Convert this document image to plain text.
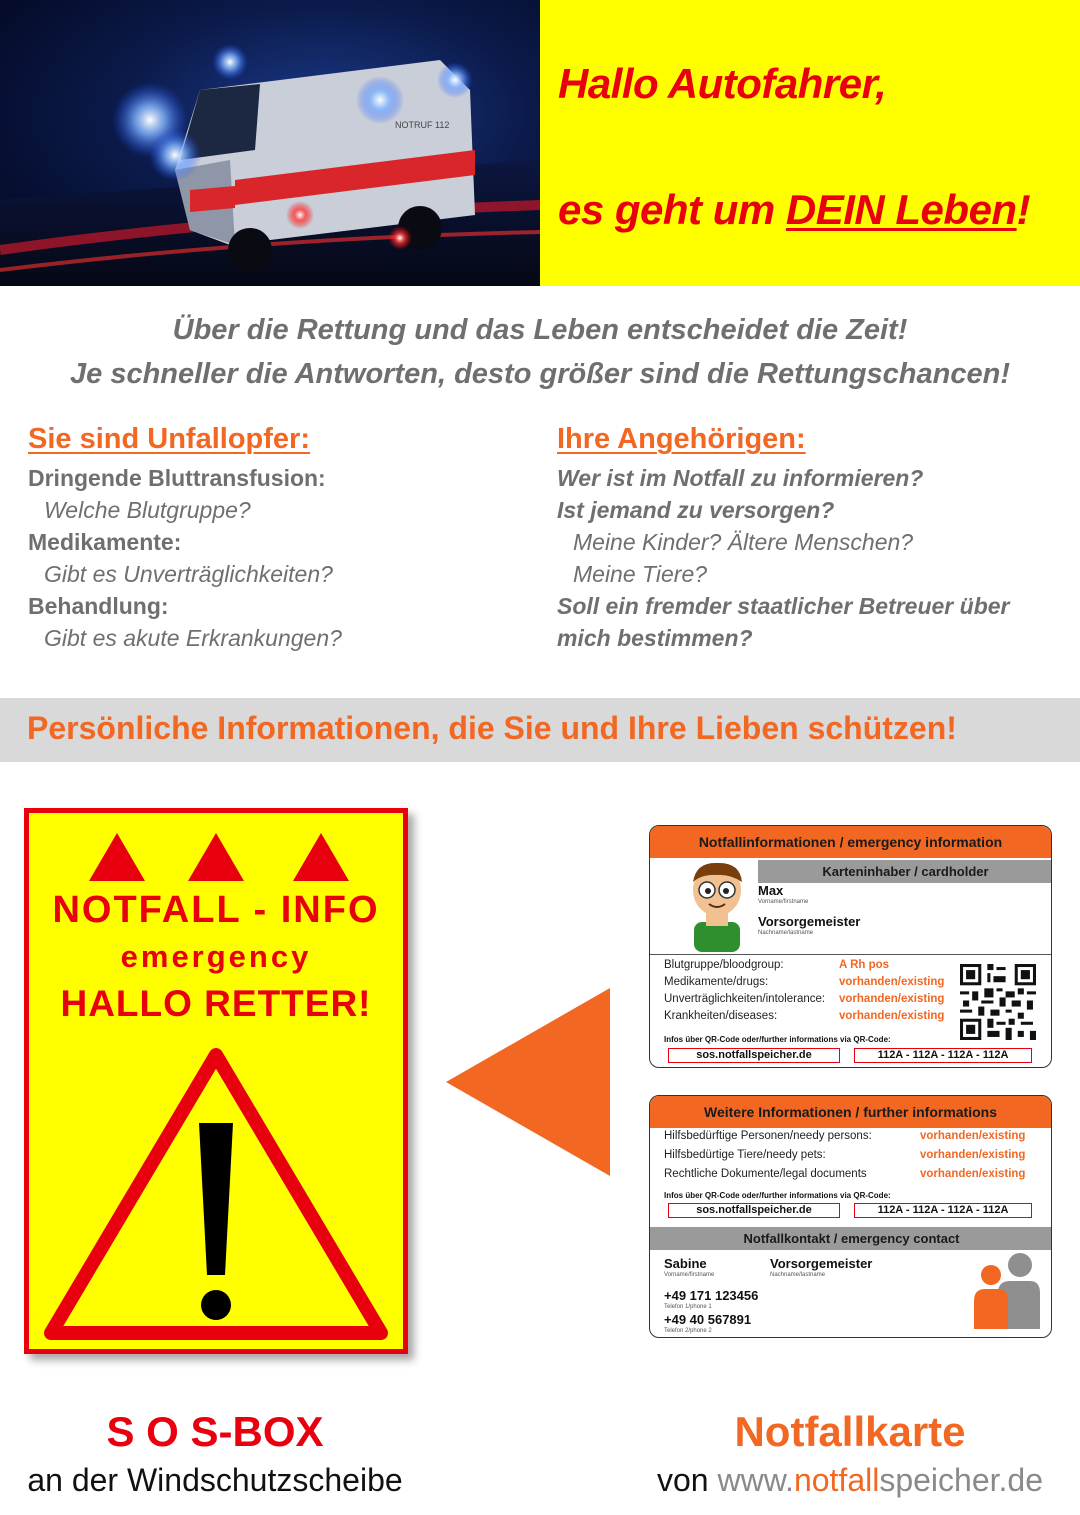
NOTRUF 112
Hallo Autofahrer,
es geht um DEIN Leben!
Über die Rettung und das Leben entscheidet die Zeit!
Je schneller die Antworten, desto größer sind die Rettungschancen!
Sie sind Unfallopfer:
Dringende Bluttransfusion:
Welche Blutgruppe?
Medikamente:
Gibt es Unverträglichkeiten?
Behandlung:
Gibt es akute Erkrankungen?
Ihre Angehörigen:
Wer ist im Notfall zu informieren?
Ist jemand zu versorgen?
Meine Kinder? Ältere Menschen?
Meine Tiere?
Soll ein fremder staatlicher Betreuer über
mich bestimmen?
Persönliche Informationen, die Sie und Ihre Lieben schützen!
NOTFALL - INFO
emergency
HALLO RETTER!
Notfallinformationen / emergency information
Karteninhaber / cardholder
Max
Vorname/firstname
Vorsorgemeister
Nachname/lastname
Blutgruppe/bloodgroup:	A Rh pos
Medikamente/drugs:	vorhanden/existing
Unverträglichkeiten/intolerance: vorhanden/existing
Krankheiten/diseases:	vorhanden/existing
Infos über QR-Code oder/further informations via QR-Code:
sos.notfallspeicher.de	112A - 112A - 112A - 112A
Weitere Informationen / further informations
Hilfsbedürftige Personen/needy persons:	vorhanden/existing
Hilfsbedürtige Tiere/needy pets:	vorhanden/existing
Rechtliche Dokumente/legal documents	vorhanden/existing
Infos über QR-Code oder/further informations via QR-Code:
sos.notfallspeicher.de	112A - 112A - 112A - 112A
Notfallkontakt / emergency contact
Sabine
Vorname/firstname
Vorsorgemeister
Nachname/lastname
+49 171 123456
Telefon 1/phone 1
+49 40 567891
Telefon 2/phone 2
S O S-BOX
an der Windschutzscheibe
Notfallkarte
von www.notfallspeicher.de
